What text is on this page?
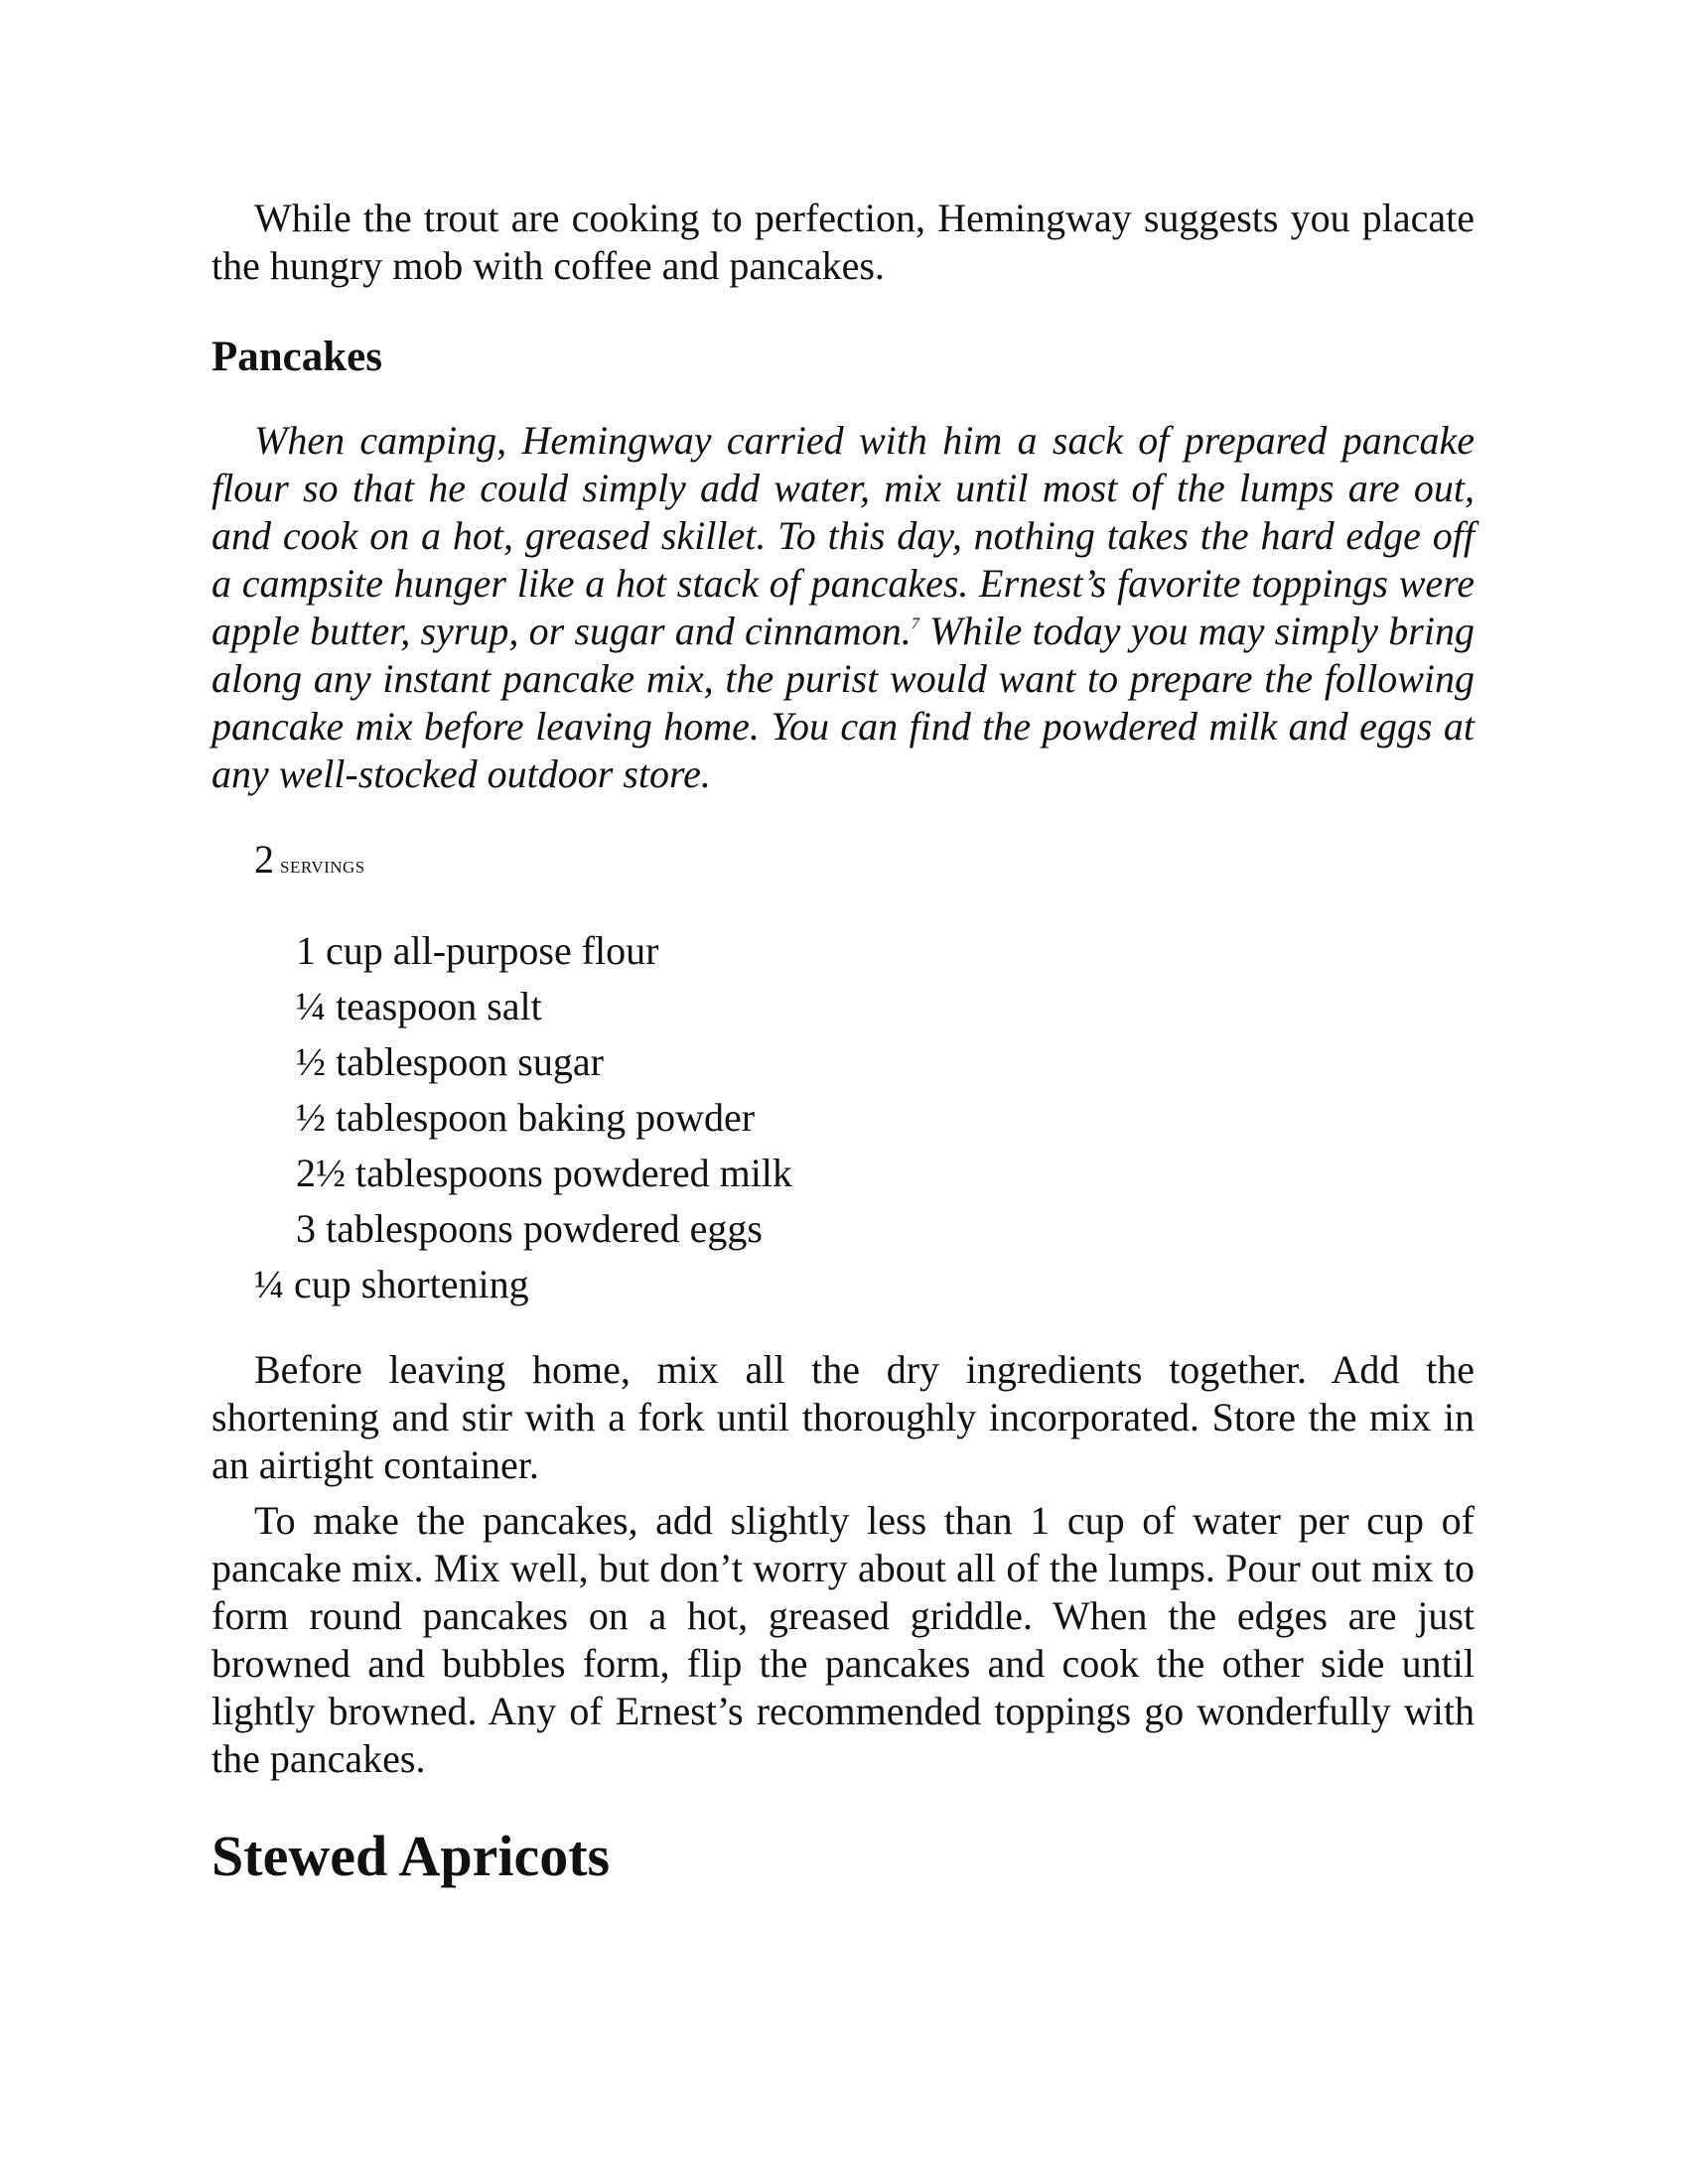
While the trout are cooking to perfection, Hemingway suggests you placate the hungry mob with coffee and pancakes.

Pancakes

When camping, Hemingway carried with him a sack of prepared pancake flour so that he could simply add water, mix until most of the lumps are out, and cook on a hot, greased skillet. To this day, nothing takes the hard edge off a campsite hunger like a hot stack of pancakes. Ernest’s favorite toppings were apple butter, syrup, or sugar and cinnamon.$^7$ While today you may simply bring along any instant pancake mix, the purist would want to prepare the following pancake mix before leaving home. You can find the powdered milk and eggs at any well-stocked outdoor store.

2 SERVINGS
1 cup all-purpose flour
¼ teaspoon salt
½ tablespoon sugar
½ tablespoon baking powder
2½ tablespoons powdered milk
3 tablespoons powdered eggs
¼ cup shortening

Before leaving home, mix all the dry ingredients together. Add the shortening and stir with a fork until thoroughly incorporated. Store the mix in an airtight container.

To make the pancakes, add slightly less than 1 cup of water per cup of pancake mix. Mix well, but don’t worry about all of the lumps. Pour out mix to form round pancakes on a hot, greased griddle. When the edges are just browned and bubbles form, flip the pancakes and cook the other side until lightly browned. Any of Ernest’s recommended toppings go wonderfully with the pancakes.

Stewed Apricots
